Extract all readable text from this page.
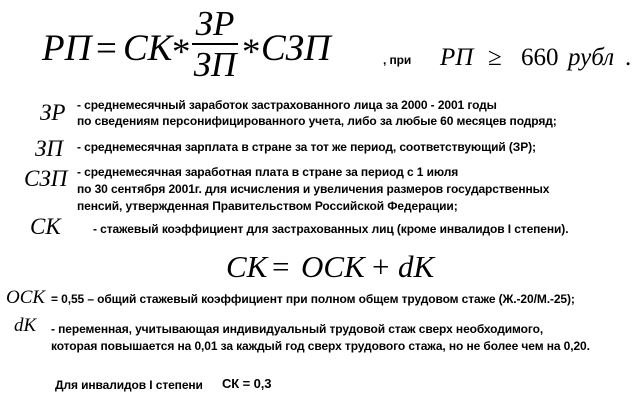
РП = СК *
ЗР
ЗП * СЗП	, при РП ≥ 660 рубл .
ЗР - среднемесячный заработок застрахованного лица за 2000 - 2001 годы
по сведениям персонифицированного учета, либо за любые 60 месяцев подряд;
ЗП - среднемесячная зарплата в стране за тот же период, соответствующий (ЗР);
СЗП - среднемесячная заработная плата в стране за период с 1 июля
по 30 сентября 2001г. для исчисления и увеличения размеров государственных
пенсий, утвержденная Правительством Российской Федерации;
СК	- стажевый коэффициент для застрахованных лиц (кроме инвалидов I степени).
СК = ОСК + dК
ОСК = 0,55 – общий стажевый коэффициент при полном общем трудовом стаже (Ж.-20/М.-25);
dК - переменная, учитывающая индивидуальный трудовой стаж сверх необходимого,
которая повышается на 0,01 за каждый год сверх трудового стажа, но не более чем на 0,20.
Для инвалидов I степени СК = 0,3
